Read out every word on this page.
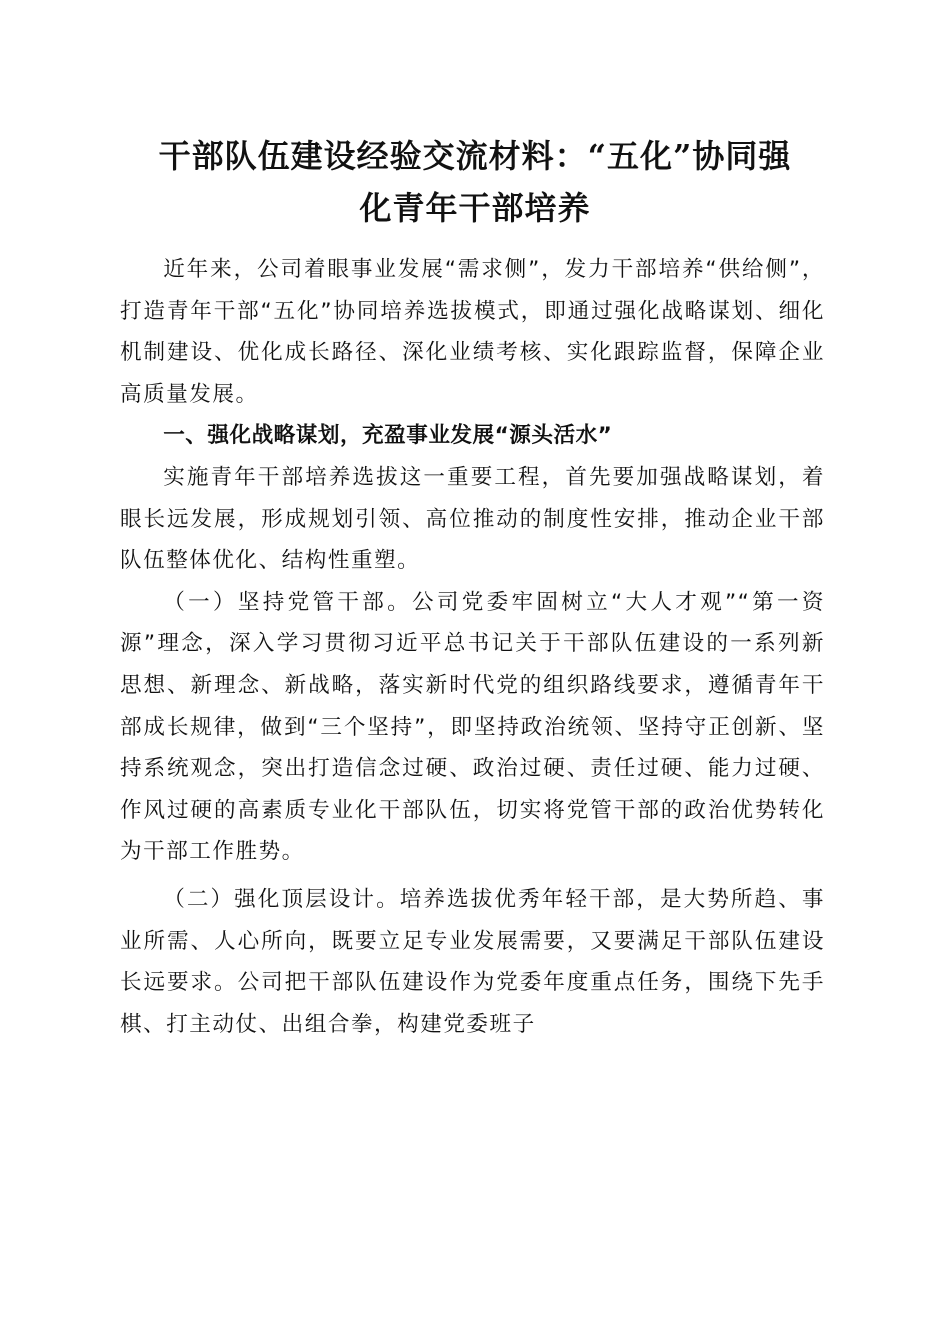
干部队伍建设经验交流材料：“五化”协同强
化青年干部培养

近年来，公司着眼事业发展“需求侧”，发力干部培养“供给侧”，打造青年干部“五化”协同培养选拔模式，即通过强化战略谋划、细化机制建设、优化成长路径、深化业绩考核、实化跟踪监督，保障企业高质量发展。

一、强化战略谋划，充盈事业发展“源头活水”

实施青年干部培养选拔这一重要工程，首先要加强战略谋划，着眼长远发展，形成规划引领、高位推动的制度性安排，推动企业干部队伍整体优化、结构性重塑。

（一）坚持党管干部。公司党委牢固树立“大人才观”“第一资源”理念，深入学习贯彻习近平总书记关于干部队伍建设的一系列新思想、新理念、新战略，落实新时代党的组织路线要求，遵循青年干部成长规律，做到“三个坚持”，即坚持政治统领、坚持守正创新、坚持系统观念，突出打造信念过硬、政治过硬、责任过硬、能力过硬、作风过硬的高素质专业化干部队伍，切实将党管干部的政治优势转化为干部工作胜势。

（二）强化顶层设计。培养选拔优秀年轻干部，是大势所趋、事业所需、人心所向，既要立足专业发展需要，又要满足干部队伍建设长远要求。公司把干部队伍建设作为党委年度重点任务，围绕下先手棋、打主动仗、出组合拳，构建党委班子
